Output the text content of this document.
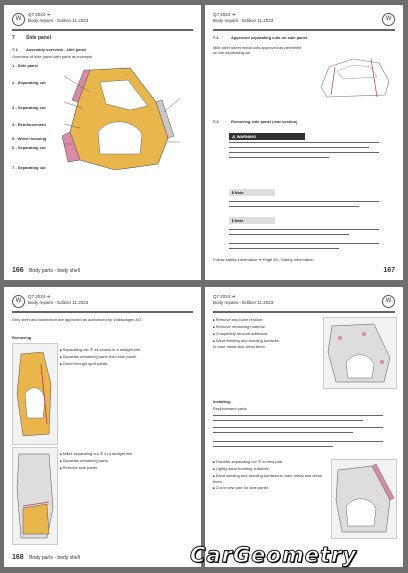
W
Q7 2024 ➔
Body repairs - Edition 11.2023
7 Side panel
7.1 Assembly overview - side panel
Overview of side panel with parts as example
1 - Side panel
2 - Separating cut
3 - Separating cut
4 - Reinforcement
5 - Wheel housing
6 - Separating cut
7 - Separating cut
166 Body parts - body shell
Q7 2024 ➔
Body repairs - Edition 11.2023	W
7.2	Approved separating cuts on side panel
Mild steel sheet metal cuts approved as permitted on the separating cut
7.3	Removing side panel (rear section)
⚠ WARNING
ℹ Note
ℹ Note
Follow safety information ➔ Page 40 - Safety information
167
W
Q7 2024 ➔
Body repairs - Edition 11.2023
Only steel and aluminium are approved as authorised by Volkswagen AG.
Removing
■ Separating cut ⑦ as shown in a straight line.
■ Separate remaining parts from side panel.
■ Grind through spot welds.
■ Make separating cut ⑦ in a straight line.
■ Separate remaining parts.
■ Remove side panel.
168 Body parts - body shell
Q7 2024 ➔
Body repairs - Edition 11.2023	W
■ Remove any foam residue.
■ Remove remaining material.
■ Completely remove adhesive.
■ Sand welding and bonding surfaces to bare metal and clean them.
Installing
Replacement parts
■ Transfer separating cut ⑦ to new part.
■ Lightly sand bonding surfaces.
■ Sand welding and bonding surfaces to bare metal and clean them.
■ Cut in new part for side panel.
CarGeometry
